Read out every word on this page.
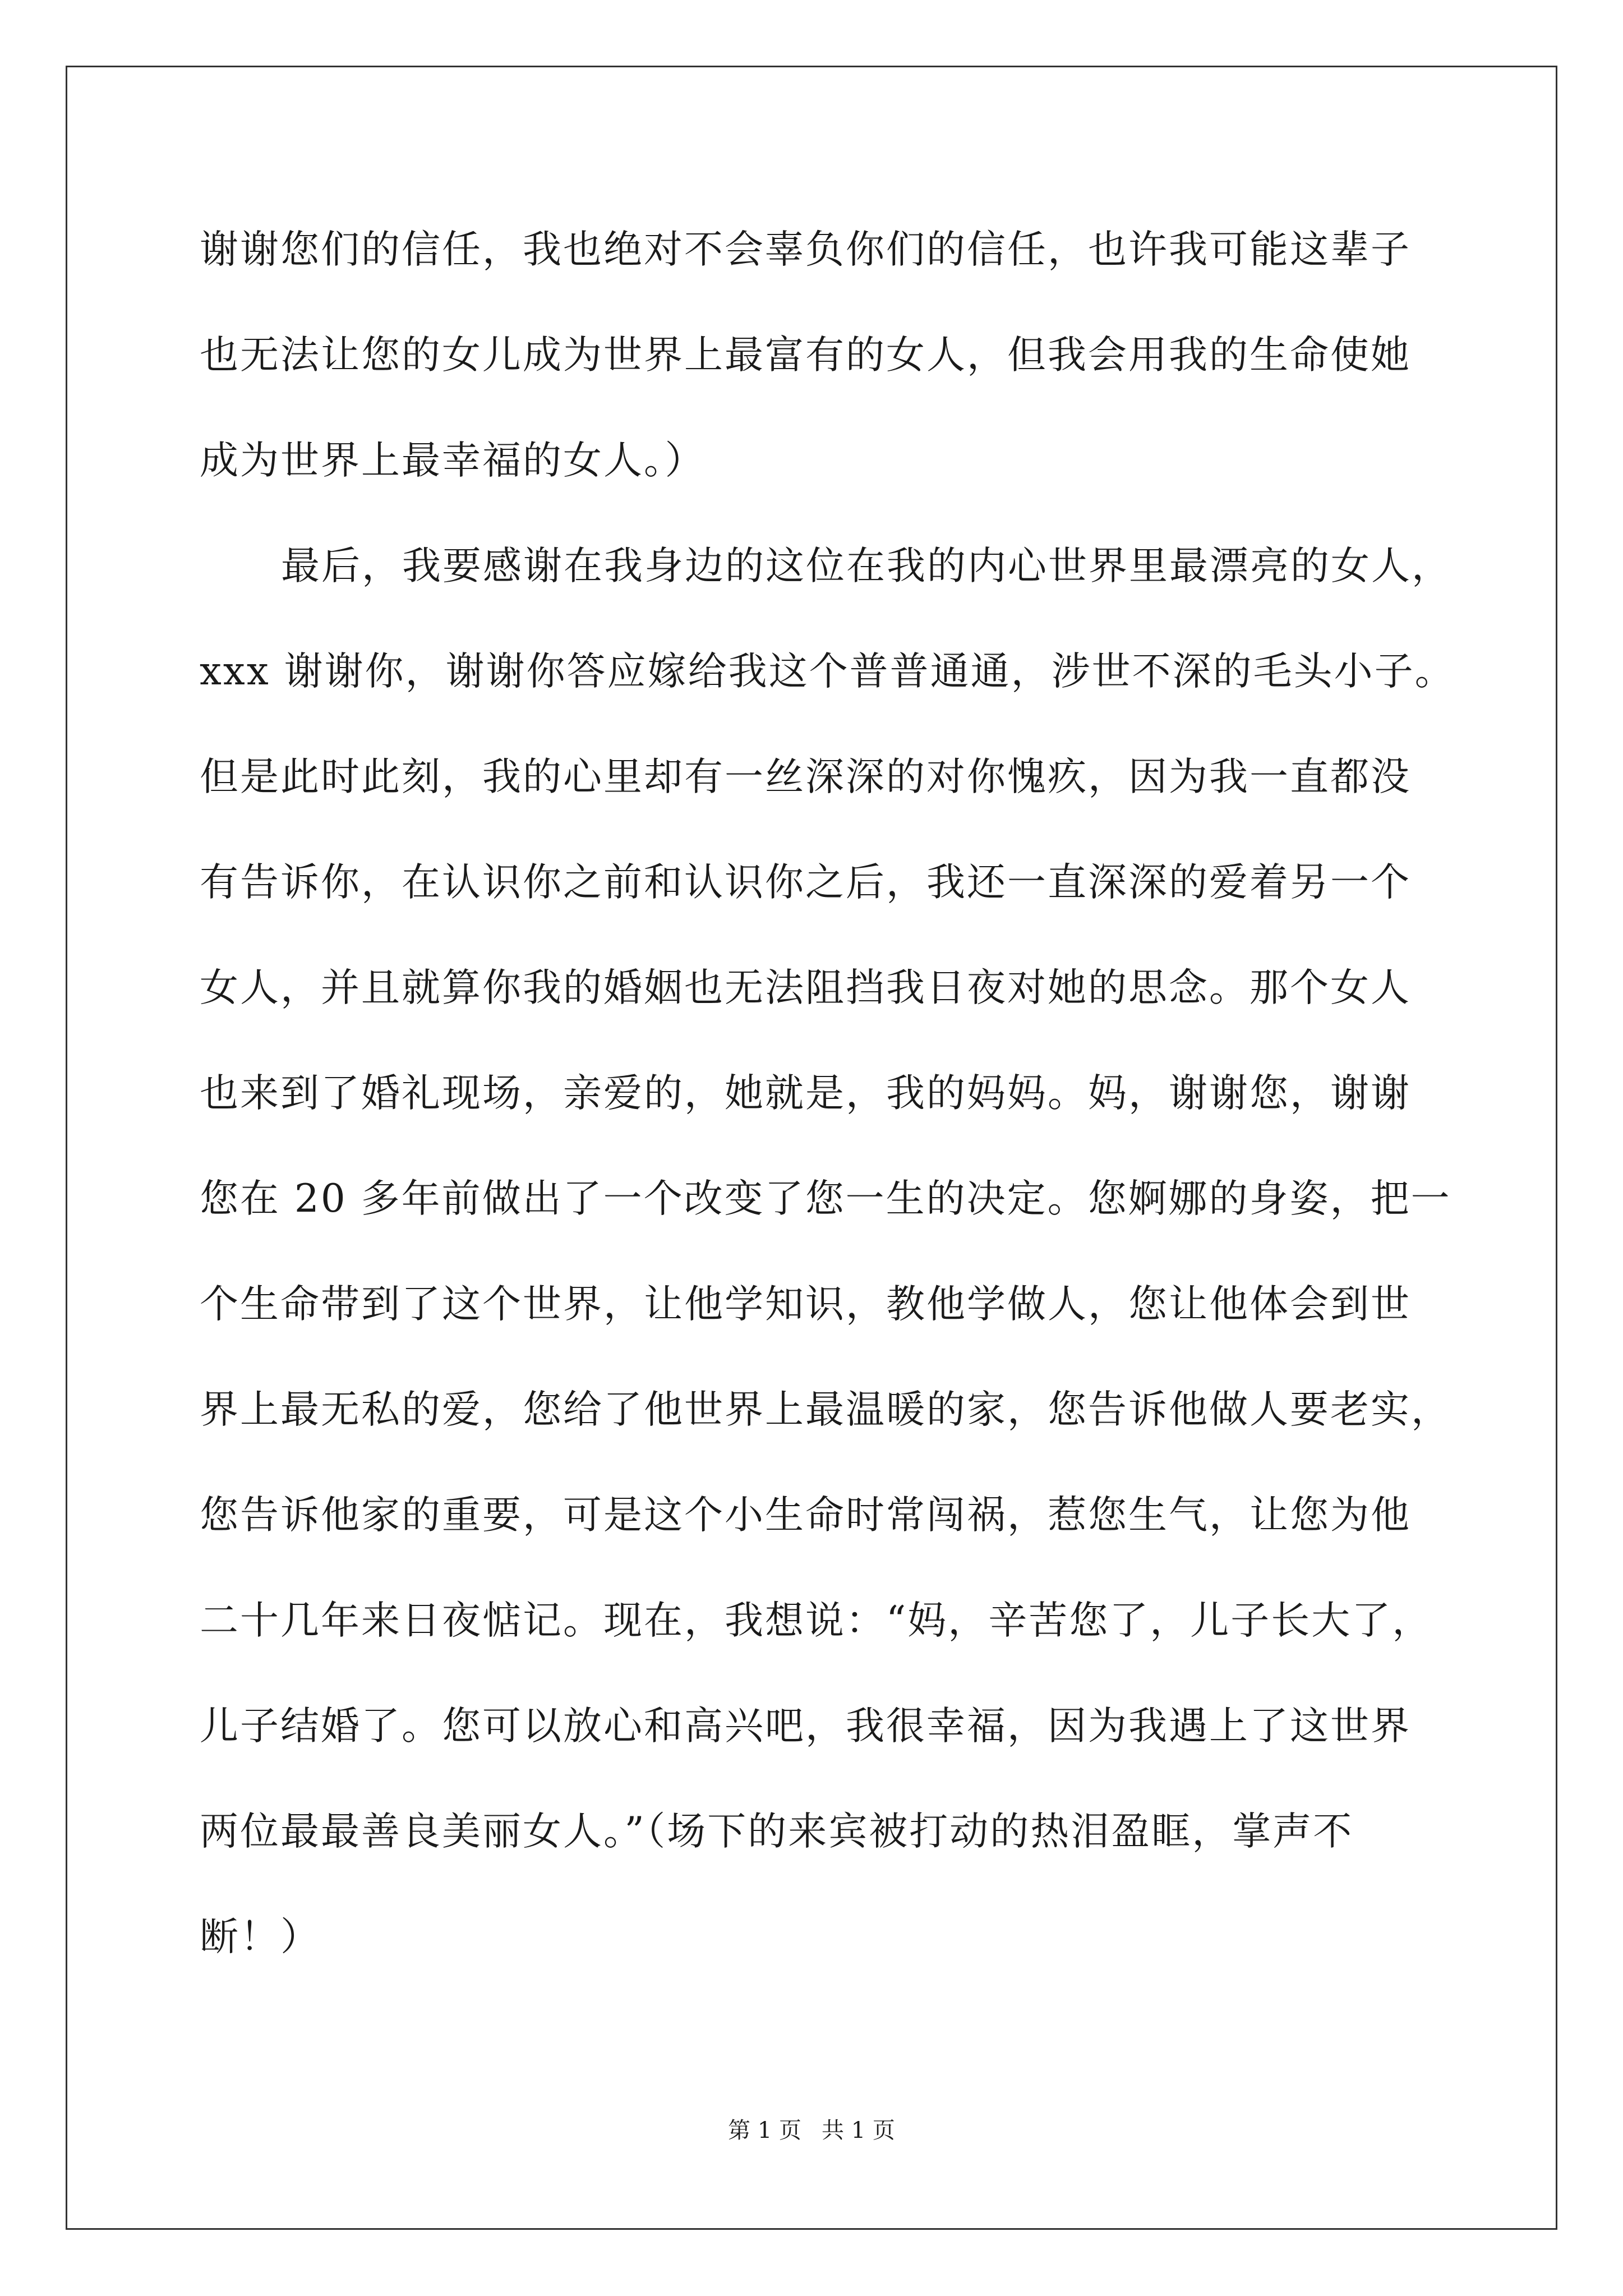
谢谢您们的信任，我也绝对不会辜负你们的信任，也许我可能这辈子
也无法让您的女儿成为世界上最富有的女人，但我会用我的生命使她
成为世界上最幸福的女人。）
最后，我要感谢在我身边的这位在我的内心世界里最漂亮的女人，
xxx 谢谢你，谢谢你答应嫁给我这个普普通通，涉世不深的毛头小子。
但是此时此刻，我的心里却有一丝深深的对你愧疚，因为我一直都没
有告诉你，在认识你之前和认识你之后，我还一直深深的爱着另一个
女人，并且就算你我的婚姻也无法阻挡我日夜对她的思念。那个女人
也来到了婚礼现场，亲爱的，她就是，我的妈妈。妈，谢谢您，谢谢
您在 20 多年前做出了一个改变了您一生的决定。您婀娜的身姿，把一
个生命带到了这个世界，让他学知识，教他学做人，您让他体会到世
界上最无私的爱，您给了他世界上最温暖的家，您告诉他做人要老实，
您告诉他家的重要，可是这个小生命时常闯祸，惹您生气，让您为他
二十几年来日夜惦记。现在，我想说：“妈，辛苦您了，儿子长大了，
儿子结婚了。您可以放心和高兴吧，我很幸福，因为我遇上了这世界
两位最最善良美丽女人。”（场下的来宾被打动的热泪盈眶，掌声不
断！）
第 1 页 共 1 页
